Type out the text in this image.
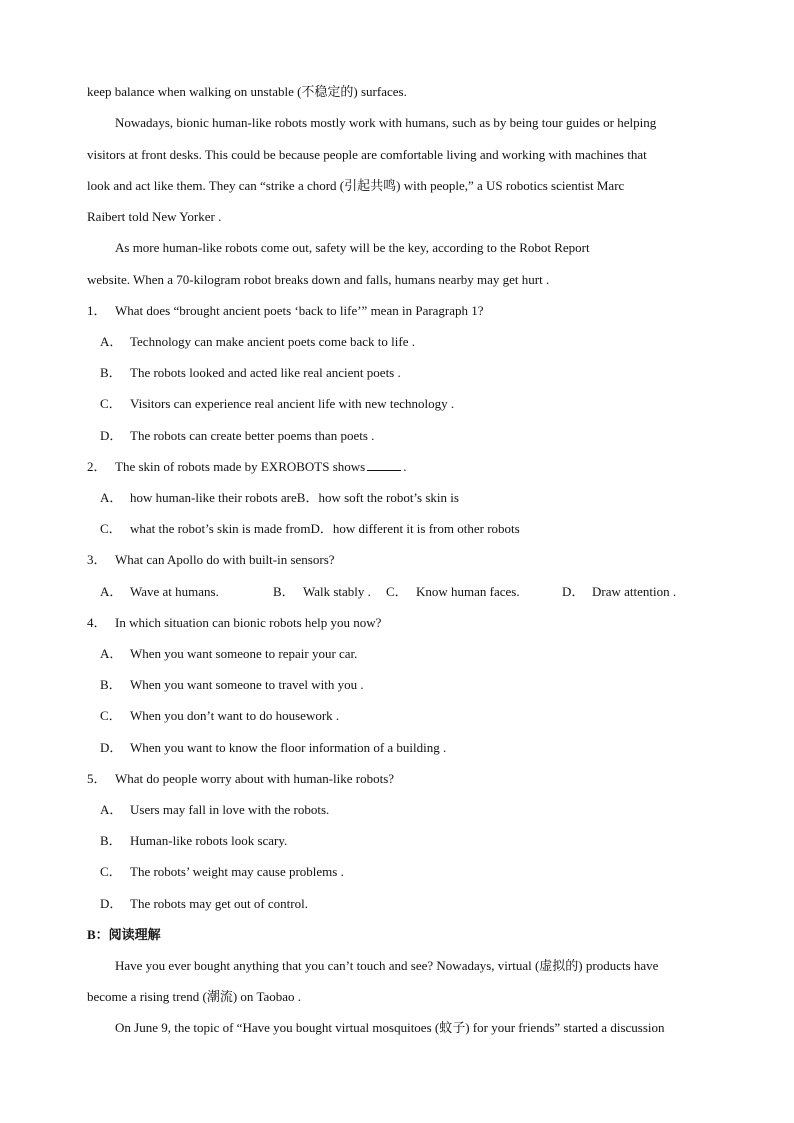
keep balance when walking on unstable (不稳定的) surfaces.
Nowadays, bionic human-like robots mostly work with humans, such as by being tour guides or helping
visitors at front desks. This could be because people are comfortable living and working with machines that
look and act like them. They can “strike a chord (引起共鸣) with people,” a US robotics scientist Marc
Raibert told New Yorker .
As more human-like robots come out, safety will be the key, according to the Robot Report
website. When a 70-kilogram robot breaks down and falls, humans nearby may get hurt .
1． What does “brought ancient poets ‘back to life’” mean in Paragraph 1?
A． Technology can make ancient poets come back to life .
B． The robots looked and acted like real ancient poets .
C． Visitors can experience real ancient life with new technology .
D． The robots can create better poems than poets .
2． The skin of robots made by EXROBOTS shows	.
A． how human-like their robots areB．how soft the robot’s skin is
C． what the robot’s skin is made fromD．how different it is from other robots
3． What can Apollo do with built-in sensors?
A． Wave at humans.	B． Walk stably . C． Know human faces.	D． Draw attention .
4． In which situation can bionic robots help you now?
A． When you want someone to repair your car.
B． When you want someone to travel with you .
C． When you don’t want to do housework .
D． When you want to know the floor information of a building .
5． What do people worry about with human-like robots?
A． Users may fall in love with the robots.
B． Human-like robots look scary.
C． The robots’ weight may cause problems .
D． The robots may get out of control.
B：阅读理解
Have you ever bought anything that you can’t touch and see? Nowadays, virtual (虚拟的) products have
become a rising trend (潮流) on Taobao .
On June 9, the topic of “Have you bought virtual mosquitoes (蚊子) for your friends” started a discussion
